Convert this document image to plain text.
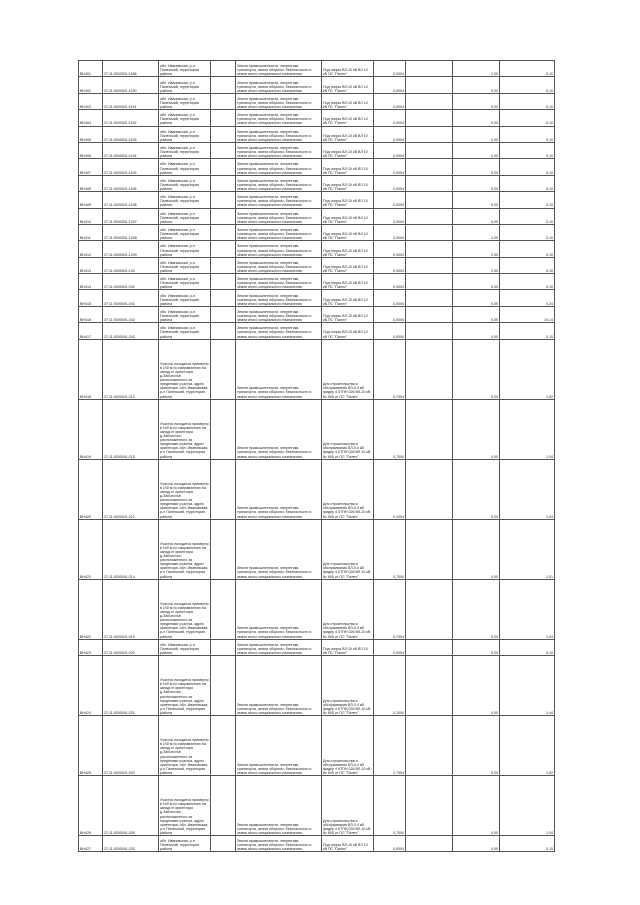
ВН401	27:11:0000001:1188	обл. Ивановская, р-н Палехский, территория района		Земли промышленности, энергетики, транспорта, земли обороны, безопасности и земли иного специального назначения	Под опоры ВЛ-10 кВ ВЛ 10 кВ ПС "Палех"	0,0004		2,00	0,10
ВН402	37:11:0000001:1190	обл. Ивановская, р-н Палехский, территория района		Земли промышленности, энергетики, транспорта, земли обороны, безопасности и земли иного специального назначения	Под опоры ВЛ-10 кВ ВЛ 10 кВ ПС "Палех"	0,0004		0,00	0,10
ВН403	37:11:0000001:1191	обл. Ивановская, р-н Палехский, территория района		Земли промышленности, энергетики, транспорта, земли обороны, безопасности и земли иного специального назначения	Под опоры ВЛ-10 кВ ВЛ 10 кВ ПС "Палех"	0,0004		0,00	0,10
ВН404	37:11:0000001:1192	обл. Ивановская, р-н Палехский, территория района		Земли промышленности, энергетики, транспорта, земли обороны, безопасности и земли иного специального назначения	Под опоры ВЛ-10 кВ ВЛ 10 кВ ПС "Палех"	0,0004		0,00	0,10
ВН405	37:11:0000001:1193	обл. Ивановская, р-н Палехский, территория района		Земли промышленности, энергетики, транспорта, земли обороны, безопасности и земли иного специального назначения	Под опоры ВЛ-10 кВ ВЛ 10 кВ ПС "Палех"	0,0004		0,00	0,10
ВН406	37:11:0000001:1194	обл. Ивановская, р-н Палехский, территория района		Земли промышленности, энергетики, транспорта, земли обороны, безопасности и земли иного специального назначения	Под опоры ВЛ-10 кВ ВЛ 10 кВ ПС "Палех"	0,0004		0,00	0,10
ВН407	37:11:0000001:1195	обл. Ивановская, р-н Палехский, территория района		Земли промышленности, энергетики, транспорта, земли обороны, безопасности и земли иного специального назначения	Под опоры ВЛ-10 кВ ВЛ 10 кВ ПС "Палех"	0,0004		0,00	0,10
ВН408	37:11:0000001:1196	обл. Ивановская, р-н Палехский, территория района		Земли промышленности, энергетики, транспорта, земли обороны, безопасности и земли иного специального назначения	Под опоры ВЛ-10 кВ ВЛ 10 кВ ПС "Палех"	0,0004		0,00	0,10
ВН409	37:11:0000001:1198	обл. Ивановская, р-н Палехский, территория района		Земли промышленности, энергетики, транспорта, земли обороны, безопасности и земли иного специального назначения	Под опоры ВЛ-10 кВ ВЛ 10 кВ ПС "Палех"	0,0004		0,00	0,10
ВН410	37:11:0000001:1207	обл. Ивановская, р-н Палехский, территория района		Земли промышленности, энергетики, транспорта, земли обороны, безопасности и земли иного специального назначения	Под опоры ВЛ-10 кВ ВЛ 10 кВ ПС "Палех"	0,0004		0,00	0,10
ВН411	37:11:0000001:1208	обл. Ивановская, р-н Палехский, территория района		Земли промышленности, энергетики, транспорта, земли обороны, безопасности и земли иного специального назначения	Под опоры ВЛ-10 кВ ВЛ 10 кВ ПС "Палех"	0,0004		2,00	0,10
ВН412	37:11:0000001:1209	обл. Ивановская, р-н Палехский, территория района		Земли промышленности, энергетики, транспорта, земли обороны, безопасности и земли иного специального назначения	Под опоры ВЛ-10 кВ ВЛ 10 кВ ПС "Палех"	0,0004		2,00	0,10
ВН413	37:11:0000001:130	обл. Ивановская, р-н Палехский, территория района		Земли промышленности, энергетики, транспорта, земли обороны, безопасности и земли иного специального назначения	Под опоры ВЛ-10 кВ ВЛ 10 кВ ПС "Палех"	0,0004		2,00	0,10
ВН414	37:11:0000001:240	обл. Ивановская, р-н Палехский, территория района		Земли промышленности, энергетики, транспорта, земли обороны, безопасности и земли иного специального назначения	Под опоры ВЛ-10 кВ ВЛ 10 кВ ПС "Палех"	0,0004		0,00	0,10
ВН415	37:11:0000001:241	обл. Ивановская, р-н Палехский, территория района		Земли промышленности, энергетики, транспорта, земли обороны, безопасности и земли иного специального назначения	Под опоры ВЛ-10 кВ ВЛ 10 кВ ПС "Палех"	0,0004		0,00	0,24
ВН416	37:11:0000001:242	обл. Ивановская, р-н Палехский, территория района		Земли промышленности, энергетики, транспорта, земли обороны, безопасности и земли иного специального назначения	Под опоры ВЛ-10 кВ ВЛ 10 кВ ПС "Палех"	0,0004		0,00	10,14
ВН417	37:11:0000001:243	обл. Ивановская, р-н Палехский, территория района		Земли промышленности, энергетики, транспорта, земли обороны, безопасности и земли иного специального назначения	Под опоры ВЛ-10 кВ ВЛ 10 кВ ПС "Палех"	0,0004		0,00	0,10
ВН418	37:11:0000001:213	Участок находится примерно в 100 м по направлению на запад от ориентира д.Заболотье, расположенного за пределами участка, адрес ориентира: обл. Ивановская, р-н Палехский, территория района		Земли промышленности, энергетики, транспорта, земли обороны, безопасности и земли иного специального назначения	Для строительства и обслуживания ВЛ-0,4 кВ фидер 4 КТПН 026 ВЛ-10 кВ № 605 от ПС "Палех"	0,7004		0,00	1,02
ВН419	37:11:0000001:215	Участок находится примерно в 100 м по направлению на запад от ориентира д.Заболотье, расположенного за пределами участка, адрес ориентира: обл. Ивановская, р-н Палехский, территория района		Земли промышленности, энергетики, транспорта, земли обороны, безопасности и земли иного специального назначения	Для строительства и обслуживания ВЛ-0,4 кВ фидер 4 КТПН 026 ВЛ-10 кВ № 605 от ПС "Палех"	0,7004		0,00	1,04
ВН420	37:11:0000001:212	Участок находится примерно в 100 м по направлению на запад от ориентира д.Заболотье, расположенного за пределами участка, адрес ориентира: обл. Ивановская, р-н Палехский, территория района		Земли промышленности, энергетики, транспорта, земли обороны, безопасности и земли иного специального назначения	Для строительства и обслуживания ВЛ-0,4 кВ фидер 4 КТПН 026 ВЛ-10 кВ № 605 от ПС "Палех"	0,1004		0,00	1,04
ВН421	37:11:0000001:214	Участок находится примерно в 100 м по направлению на запад от ориентира д.Заболотье, расположенного за пределами участка, адрес ориентира: обл. Ивановская, р-н Палехский, территория района		Земли промышленности, энергетики, транспорта, земли обороны, безопасности и земли иного специального назначения	Для строительства и обслуживания ВЛ-0,4 кВ фидер 4 КТПН 026 ВЛ-10 кВ № 605 от ПС "Палех"	0,7004		0,00	1,01
ВН422	37:11:0000001:219	Участок находится примерно в 100 м по направлению на запад от ориентира д.Заболотье, расположенного за пределами участка, адрес ориентира: обл. Ивановская, р-н Палехский, территория района		Земли промышленности, энергетики, транспорта, земли обороны, безопасности и земли иного специального назначения	Для строительства и обслуживания ВЛ-0,4 кВ фидер 4 КТПН 026 ВЛ-10 кВ № 605 от ПС "Палех"	0,7004		0,00	1,04
ВН423	37:11:0000001:220	обл. Ивановская, р-н Палехский, территория района		Земли промышленности, энергетики, транспорта, земли обороны, безопасности и земли иного специального назначения	Под опоры ВЛ-10 кВ ВЛ 10 кВ ПС "Палех"	0,0004		0,00	0,10
ВН424	37:11:0000001:221	Участок находится примерно в 100 м по направлению на запад от ориентира д.Заболотье, расположенного за пределами участка, адрес ориентира: обл. Ивановская, р-н Палехский, территория района		Земли промышленности, энергетики, транспорта, земли обороны, безопасности и земли иного специального назначения	Для строительства и обслуживания ВЛ-0,4 кВ фидер 4 КТПН 026 ВЛ-10 кВ № 605 от ПС "Палех"	0,1004		0,00	1,44
ВН425	37:11:0000001:203	Участок находится примерно в 100 м по направлению на запад от ориентира д.Заболотье, расположенного за пределами участка, адрес ориентира: обл. Ивановская, р-н Палехский, территория района		Земли промышленности, энергетики, транспорта, земли обороны, безопасности и земли иного специального назначения	Для строительства и обслуживания ВЛ-0,4 кВ фидер 4 КТПН 026 ВЛ-10 кВ № 605 от ПС "Палех"	2,7004		0,00	1,02
ВН426	37:11:0000001:209	Участок находится примерно в 100 м по направлению на запад от ориентира д.Заболотье, расположенного за пределами участка, адрес ориентира: обл. Ивановская, р-н Палехский, территория района		Земли промышленности, энергетики, транспорта, земли обороны, безопасности и земли иного специального назначения	Для строительства и обслуживания ВЛ-0,4 кВ фидер 4 КТПН 026 ВЛ-10 кВ № 605 от ПС "Палех"	0,7004		0,00	1,04
ВН427	37:11:0000001:230	обл. Ивановская, р-н Палехский, территория района		Земли промышленности, энергетики, транспорта, земли обороны, безопасности и земли иного специального назначения	Под опоры ВЛ-10 кВ ВЛ 10 кВ ПС "Палех"	0,0004		0,00	0,10
